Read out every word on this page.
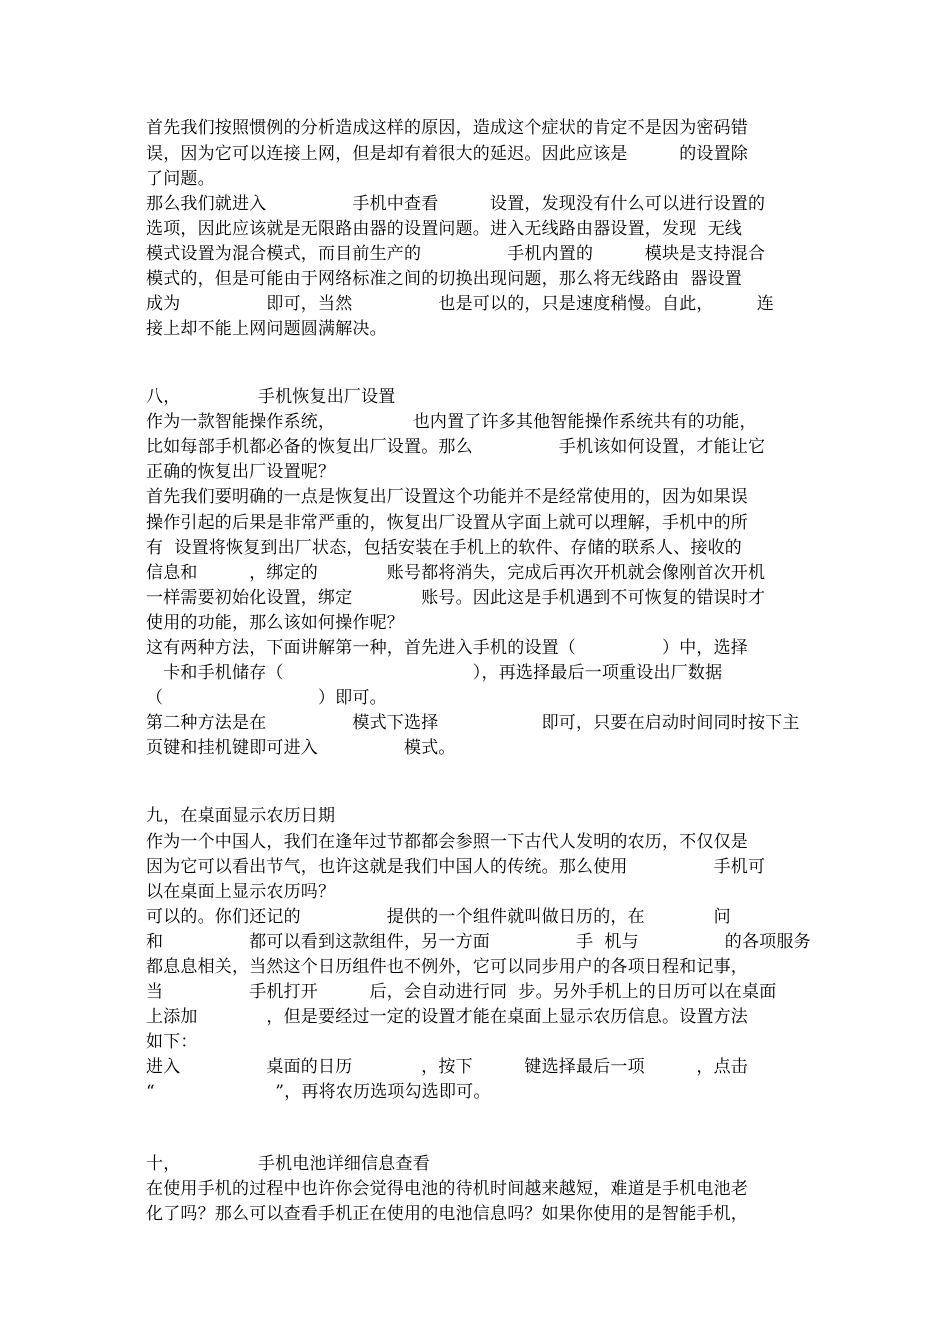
首先我们按照惯例的分析造成这样的原因，造成这个症状的肯定不是因为密码错
误，因为它可以连接上网，但是却有着很大的延迟。因此应该是　　　的设置除
了问题。
那么我们就进入　　　　　手机中查看　　　设置，发现没有什么可以进行设置的
选项，因此应该就是无限路由器的设置问题。进入无线路由器设置，发现  无线
模式设置为混合模式，而目前生产的　　　　　手机内置的　　　模块是支持混合
模式的，但是可能由于网络标准之间的切换出现问题，那么将无线路由  器设置
成为　　　　　即可，当然　　　　　也是可以的，只是速度稍慢。自此，　　　连
接上却不能上网问题圆满解决。
八，　　　　　手机恢复出厂设置
作为一款智能操作系统，　　　　　也内置了许多其他智能操作系统共有的功能，
比如每部手机都必备的恢复出厂设置。那么　　　　　手机该如何设置，才能让它
正确的恢复出厂设置呢？
首先我们要明确的一点是恢复出厂设置这个功能并不是经常使用的，因为如果误
操作引起的后果是非常严重的，恢复出厂设置从字面上就可以理解，手机中的所
有  设置将恢复到出厂状态，包括安装在手机上的软件、存储的联系人、接收的
信息和　　　，绑定的　　　　账号都将消失，完成后再次开机就会像刚首次开机
一样需要初始化设置，绑定　　　　账号。因此这是手机遇到不可恢复的错误时才
使用的功能，那么该如何操作呢？
这有两种方法，下面讲解第一种，首先进入手机的设置（　　　　　）中，选择
　卡和手机储存（　　　　　　　　　　　），再选择最后一项重设出厂数据
（　　　　　　　　　）即可。
第二种方法是在　　　　　模式下选择　　　　　　即可，只要在启动时间同时按下主
页键和挂机键即可进入　　　　　模式。
九，在桌面显示农历日期
作为一个中国人，我们在逢年过节都都会参照一下古代人发明的农历，不仅仅是
因为它可以看出节气，也许这就是我们中国人的传统。那么使用　　　　　手机可
以在桌面上显示农历吗？
可以的。你们还记的　　　　　提供的一个组件就叫做日历的，在　　　　问
和　　　　　都可以看到这款组件，另一方面　　　　　手  机与　　　　　的各项服务
都息息相关，当然这个日历组件也不例外，它可以同步用户的各项日程和记事，
当　　　　　手机打开　　　后，会自动进行同  步。另外手机上的日历可以在桌面
上添加　　　　，但是要经过一定的设置才能在桌面上显示农历信息。设置方法
如下：
进入　　　　　桌面的日历　　　　，按下　　　键选择最后一项　　　，点击
“　　　　　　　”，再将农历选项勾选即可。
十，　　　　　手机电池详细信息查看
在使用手机的过程中也许你会觉得电池的待机时间越来越短，难道是手机电池老
化了吗？那么可以查看手机正在使用的电池信息吗？如果你使用的是智能手机，
